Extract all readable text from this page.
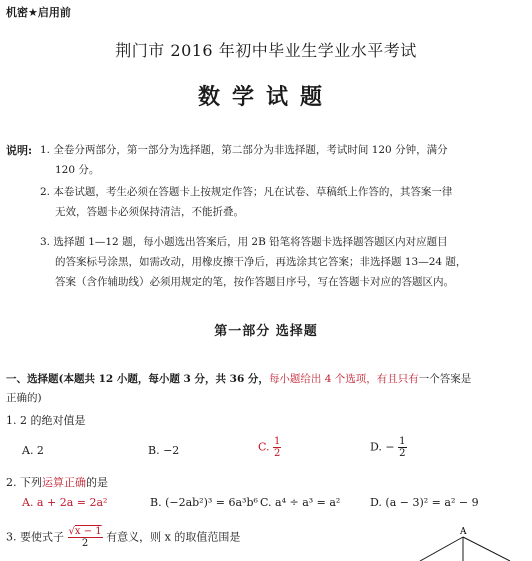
机密★启用前
荆门市 2016 年初中毕业生学业水平考试
数学试题
说明: 1. 全卷分两部分，第一部分为选择题，第二部分为非选择题，考试时间 120 分钟，满分
120 分。
2. 本卷试题，考生必须在答题卡上按规定作答；凡在试卷、草稿纸上作答的，其答案一律
无效，答题卡必须保持清洁，不能折叠。
3. 选择题 1—12 题，每小题选出答案后，用 2B 铅笔将答题卡选择题答题区内对应题目
的答案标号涂黑，如需改动，用橡皮擦干净后，再选涂其它答案；非选择题 13—24 题，
答案（含作辅助线）必须用规定的笔，按作答题目序号，写在答题卡对应的答题区内。
第一部分 选择题
一、选择题(本题共 12 小题，每小题 3 分，共 36 分，每小题给出 4 个选项，有且只有一个答案是
正确的)
1. 2 的绝对值是
A. 2	B. −2	C. $\frac{1}{2}$	D. − $\frac{1}{2}$
2. 下列运算正确的是
A. a + 2a = 2a²	B. (−2ab²)³ = 6a³b⁶ C. a⁴ ÷ a³ = a²	D. (a − 3)² = a² − 9
3. 要使式子 $\frac{√x - 1}{2}$ 有意义，则 x 的取值范围是	A
